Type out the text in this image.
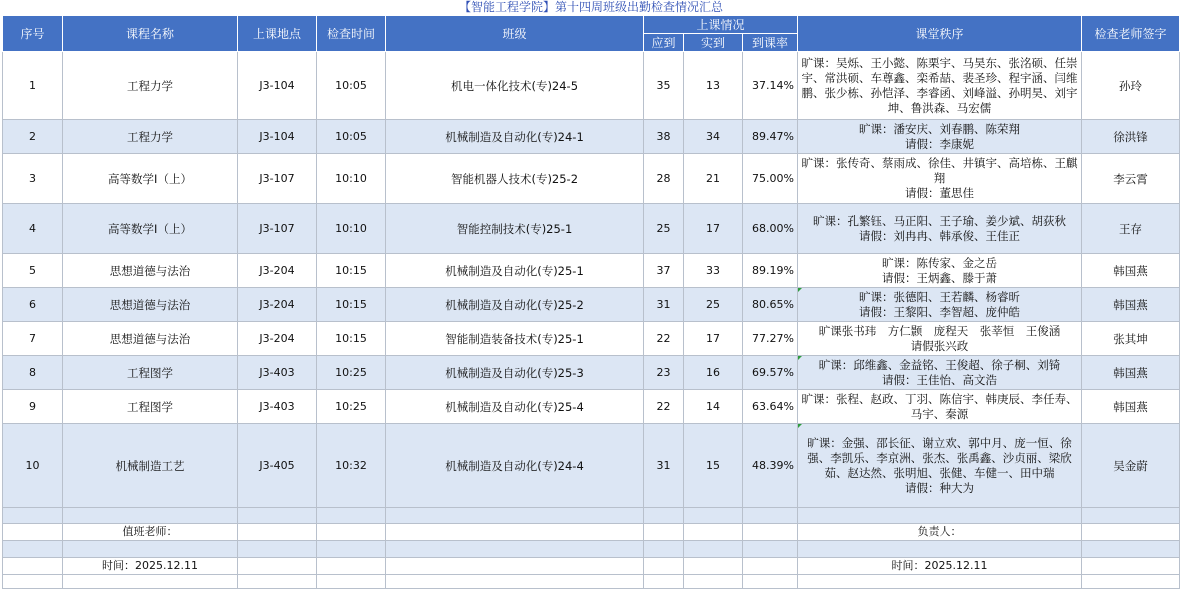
【智能工程学院】第十四周班级出勤检查情况汇总
序号	课程名称	上课地点	检查时间	班级	上课情况			课堂秩序	检查老师签字
					应到	实到	到课率		
1	工程力学	J3-104	10:05	机电一体化技术(专)24-5	35	13	37.14%	旷课：吴烁、王小懿、陈栗宇、马昊东、张洺硕、任崇宇、常洪硕、车尊鑫、栾希喆、裴圣珍、程宇涵、闫维鹏、张少栋、孙恺泽、李睿函、刘峰溢、孙明昊、刘宇坤、鲁洪森、马宏儒	孙玲
2	工程力学	J3-104	10:05	机械制造及自动化(专)24-1	38	34	89.47%	旷课：潘安庆、刘春鹏、陈荣翔
请假：李康妮	徐洪锋
3	高等数学Ⅰ（上）	J3-107	10:10	智能机器人技术(专)25-2	28	21	75.00%	旷课：张传奇、蔡雨成、徐佳、井镇宇、高培栋、王麒翔
请假：董思佳	李云霄
4	高等数学Ⅰ（上）	J3-107	10:10	智能控制技术(专)25-1	25	17	68.00%	旷课：孔繁钰、马正阳、王子瑜、姜少斌、胡荻秋
请假：刘冉冉、韩承俊、王佳正	王存
5	思想道德与法治	J3-204	10:15	机械制造及自动化(专)25-1	37	33	89.19%	旷课：陈传家、金之岳
请假：王炳鑫、滕于萧	韩国燕
6	思想道德与法治	J3-204	10:15	机械制造及自动化(专)25-2	31	25	80.65%	旷课：张德阳、王若麟、杨睿昕
请假：王黎阳、李智超、庞仲皓	韩国燕
7	思想道德与法治	J3-204	10:15	智能制造装备技术(专)25-1	22	17	77.27%	旷课张书玮　方仁颢　庞程天　张莘恒　王俊涵
请假张兴政	张其坤
8	工程图学	J3-403	10:25	机械制造及自动化(专)25-3	23	16	69.57%	旷课：邱维鑫、金益铭、王俊超、徐子桐、刘锜
请假：王佳怡、高文浩	韩国燕
9	工程图学	J3-403	10:25	机械制造及自动化(专)25-4	22	14	63.64%	旷课：张程、赵政、丁羽、陈信宇、韩庚辰、李任寿、马宇、秦源	韩国燕
10	机械制造工艺	J3-405	10:32	机械制造及自动化(专)24-4	31	15	48.39%	旷课：金强、邵长征、谢立欢、郭中月、庞一恒、徐强、李凯乐、李京洲、张杰、张禹鑫、沙贞丽、梁欣茹、赵达然、张明旭、张健、车健一、田中瑞
请假：种大为	吴金蔚

	值班老师：							负责人：	

	时间：2025.12.11							时间：2025.12.11	
